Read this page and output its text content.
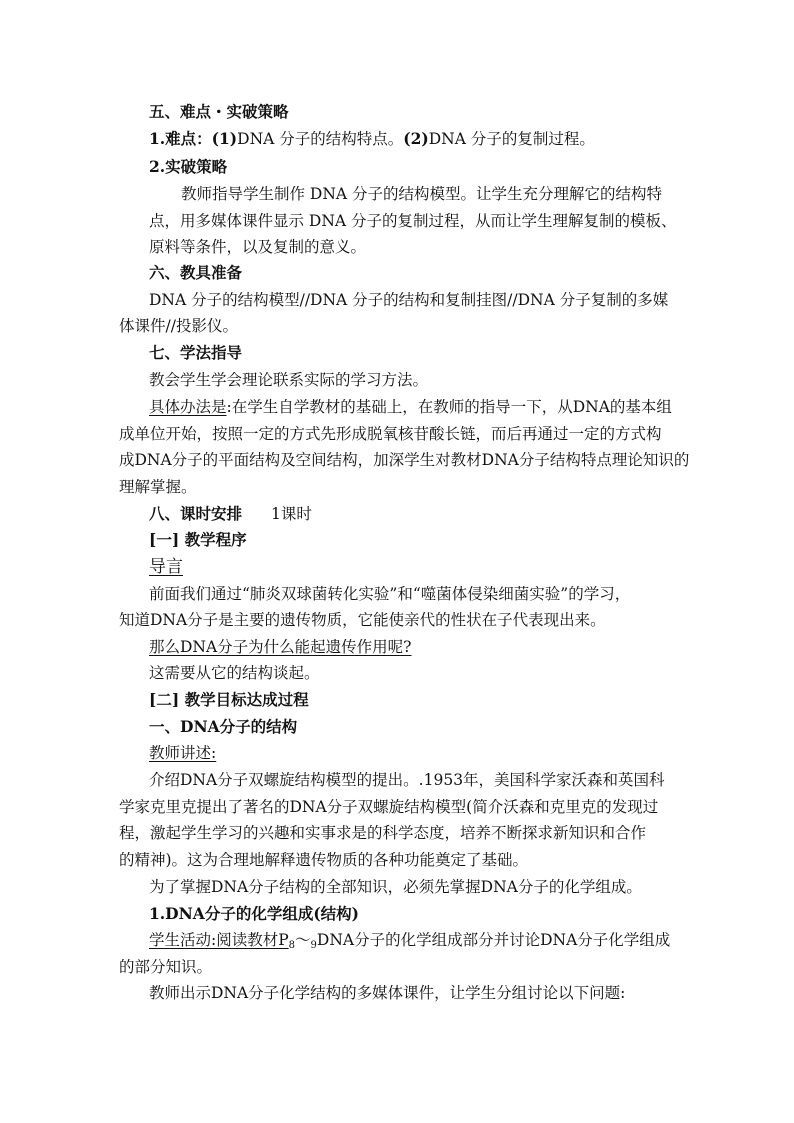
五、难点・实破策略
1.难点：(1)DNA 分子的结构特点。(2)DNA 分子的复制过程。
2.实破策略
教师指导学生制作 DNA 分子的结构模型。让学生充分理解它的结构特
点，用多媒体课件显示 DNA 分子的复制过程，从而让学生理解复制的模板、
原料等条件，以及复制的意义。
六、教具准备
DNA 分子的结构模型//DNA 分子的结构和复制挂图//DNA 分子复制的多媒
体课件//投影仪。
七、学法指导
教会学生学会理论联系实际的学习方法。
具体办法是:在学生自学教材的基础上，在教师的指导一下，从DNA的基本组
成单位开始，按照一定的方式先形成脱氧核苷酸长链，而后再通过一定的方式构
成DNA分子的平面结构及空间结构，加深学生对教材DNA分子结构特点理论知识的
理解掌握。
八、课时安排 1课时
[一] 教学程序
导言
前面我们通过“肺炎双球菌转化实验”和“噬菌体侵染细菌实验”的学习，
知道DNA分子是主要的遗传物质，它能使亲代的性状在子代表现出来。
那么DNA分子为什么能起遗传作用呢?
这需要从它的结构谈起。
[二] 教学目标达成过程
一、DNA分子的结构
教师讲述:
介绍DNA分子双螺旋结构模型的提出。.1953年，美国科学家沃森和英国科
学家克里克提出了著名的DNA分子双螺旋结构模型(简介沃森和克里克的发现过
程，激起学生学习的兴趣和实事求是的科学态度，培养不断探求新知识和合作
的精神)。这为合理地解释遗传物质的各种功能奠定了基础。
为了掌握DNA分子结构的全部知识，必须先掌握DNA分子的化学组成。
1.DNA分子的化学组成(结构)
学生活动:阅读教材$P_8\sim_9DNA$分子的化学组成部分并讨论DNA分子化学组成
的部分知识。
教师出示DNA分子化学结构的多媒体课件，让学生分组讨论以下问题:
